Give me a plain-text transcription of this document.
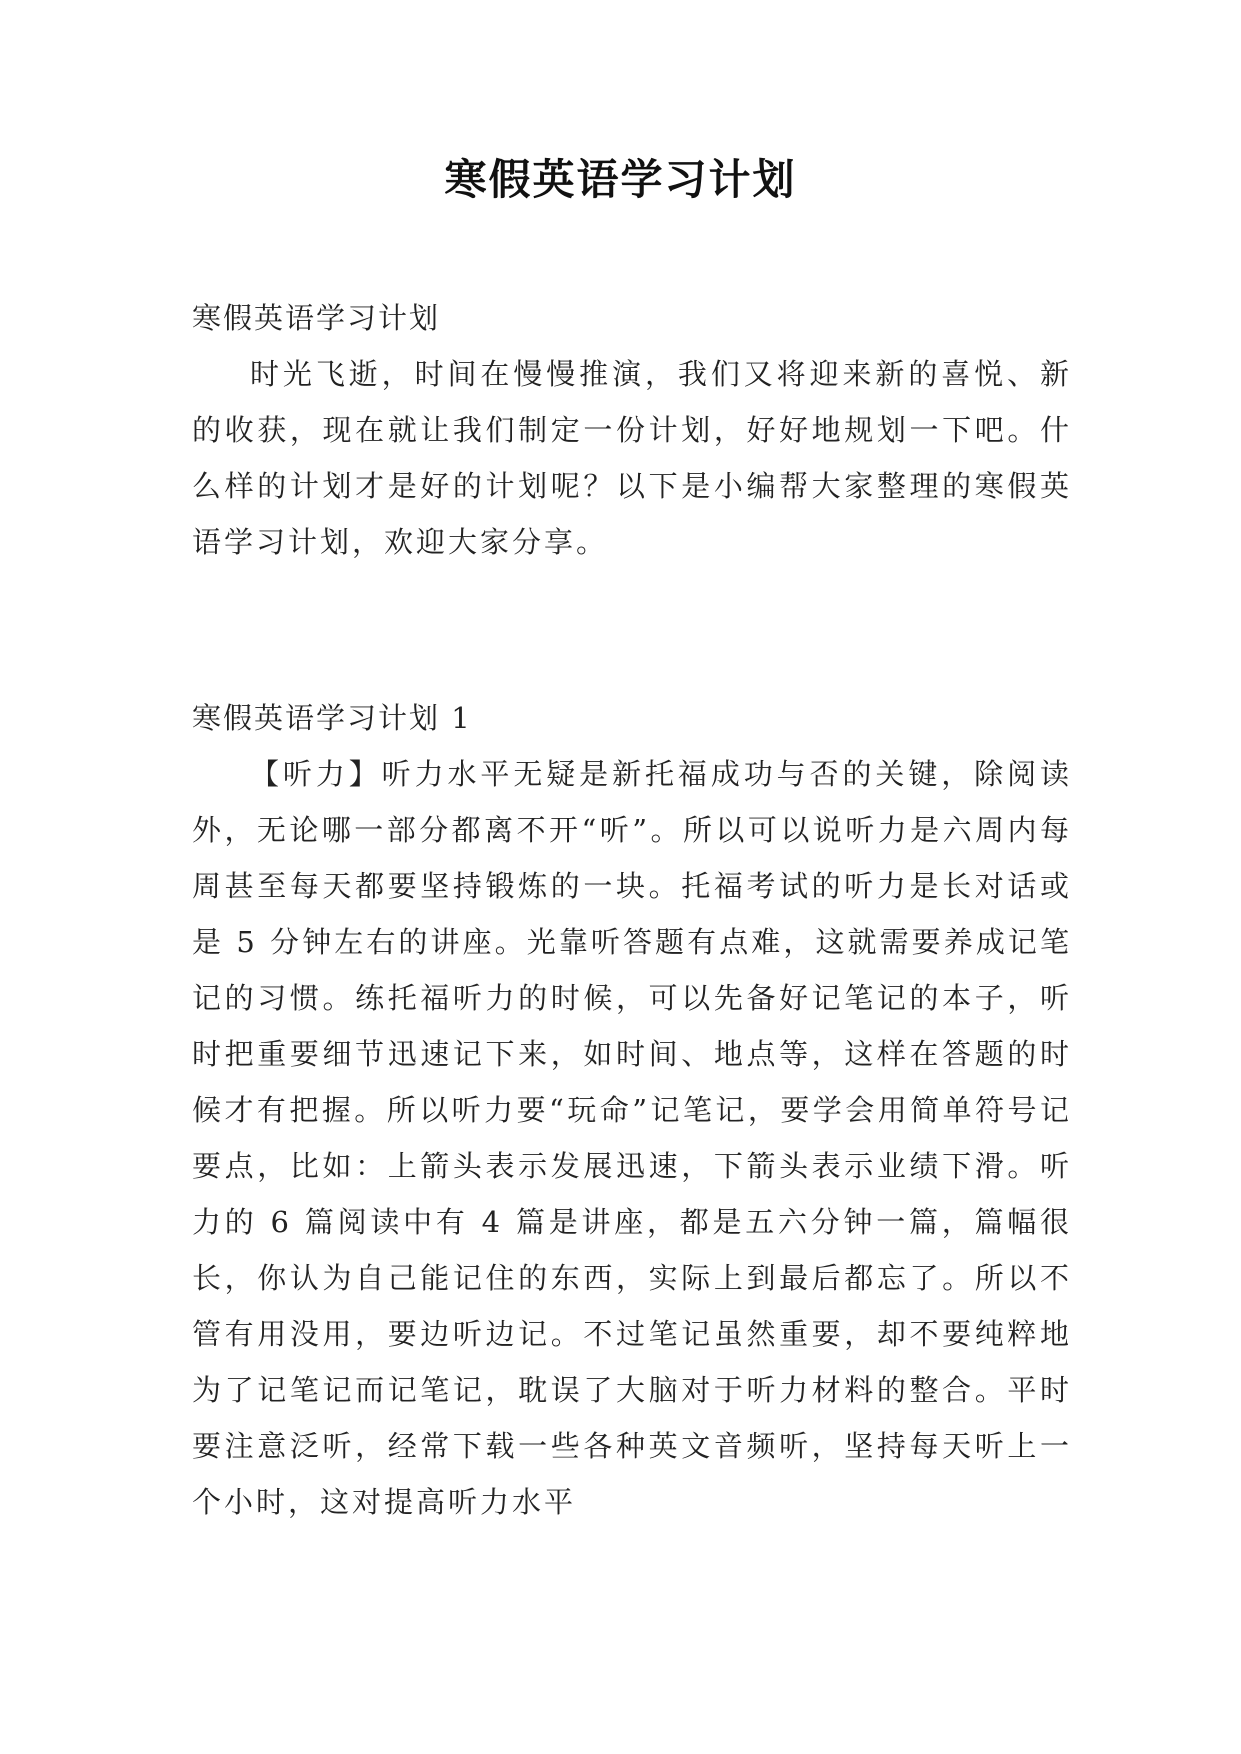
寒假英语学习计划

寒假英语学习计划

时光飞逝，时间在慢慢推演，我们又将迎来新的喜悦、新的收获，现在就让我们制定一份计划，好好地规划一下吧。什么样的计划才是好的计划呢？以下是小编帮大家整理的寒假英语学习计划，欢迎大家分享。

寒假英语学习计划 1

【听力】听力水平无疑是新托福成功与否的关键，除阅读外，无论哪一部分都离不开“听”。所以可以说听力是六周内每周甚至每天都要坚持锻炼的一块。托福考试的听力是长对话或是 5 分钟左右的讲座。光靠听答题有点难，这就需要养成记笔记的习惯。练托福听力的时候，可以先备好记笔记的本子，听时把重要细节迅速记下来，如时间、地点等，这样在答题的时候才有把握。所以听力要“玩命”记笔记，要学会用简单符号记要点，比如：上箭头表示发展迅速，下箭头表示业绩下滑。听力的 6 篇阅读中有 4 篇是讲座，都是五六分钟一篇，篇幅很长，你认为自己能记住的东西，实际上到最后都忘了。所以不管有用没用，要边听边记。不过笔记虽然重要，却不要纯粹地为了记笔记而记笔记，耽误了大脑对于听力材料的整合。平时要注意泛听，经常下载一些各种英文音频听，坚持每天听上一个小时，这对提高听力水平
